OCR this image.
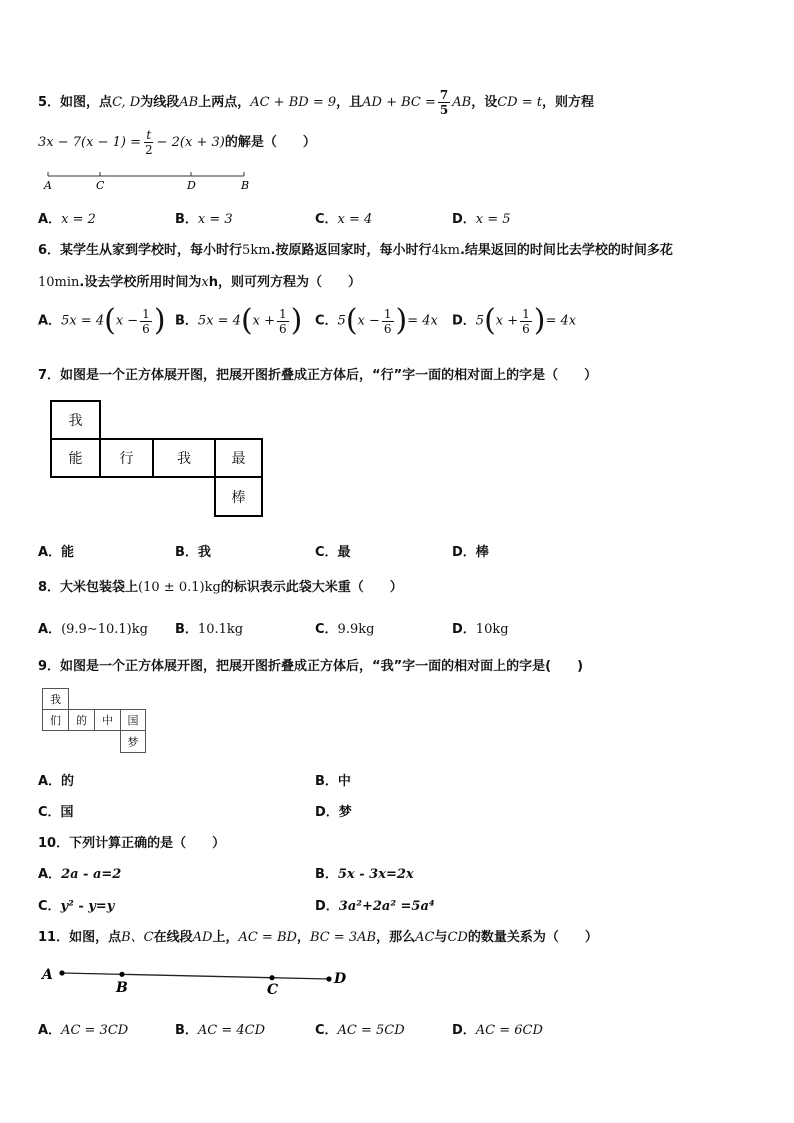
5．如图，点C, D为线段AB上两点，AC + BD = 9，且AD + BC = $\frac{7}{5}$ AB，设CD = t，则方程
$3x - 7(x - 1) = \frac{t}{2} - 2(x + 3)$的解是（　　）
A	C	D	B
A．x = 2	B．x = 3	C．x = 4	D．x = 5
6．某学生从家到学校时，每小时行5km.按原路返回家时，每小时行4km.结果返回的时间比去学校的时间多花
10min.设去学校所用时间为xh，则可列方程为（　　）
A．$5x = 4(x - \frac{1}{6}$ ) B．$5x = 4(x + \frac{1}{6}$ ) C．$5(x - \frac{1}{6}$ )= 4x D．$5(x + \frac{1}{6}$ )= 4x
7．如图是一个正方体展开图，把展开图折叠成正方体后，“行”字一面的相对面上的字是（　　）
我
能	行	我	最
棒
A．能	B．我	C．最	D．棒
8．大米包装袋上(10 ± 0.1)kg的标识表示此袋大米重（　　）
A．(9.9∼10.1)kg B．10.1kg	C．9.9kg	D．10kg
9．如图是一个正方体展开图，把展开图折叠成正方体后，“我”字一面的相对面上的字是(　　)
我
们	的	中	国
梦
A．的	B．中
C．国	D．梦
10．下列计算正确的是（　　）
A．2a - a=2	B．5x - 3x=2x
C．y² - y=y	D．3a²+2a² =5a⁴
11．如图，点B、C在线段AD上，AC = BD，BC = 3AB，那么AC与CD的数量关系为（　　）
A
B	C
D
A．AC = 3CD	B．AC = 4CD	C．AC = 5CD	D．AC = 6CD
